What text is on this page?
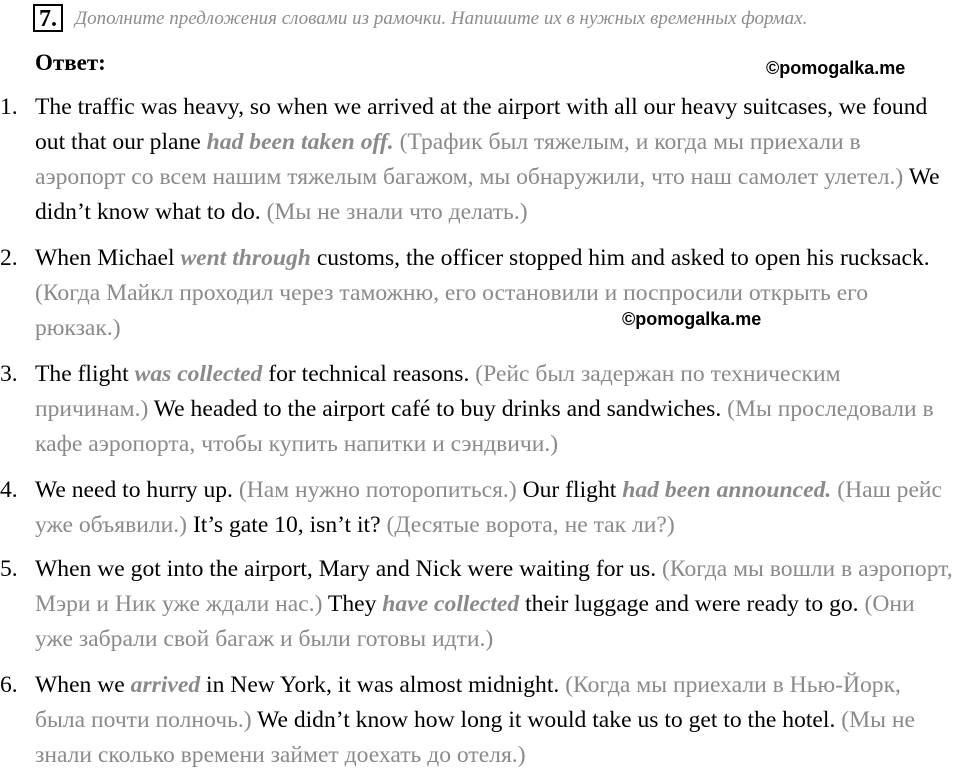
7. Дополните предложения словами из рамочки. Напишите их в нужных временных формах.
Ответ:	©pomogalka.me
©pomogalka.me
1. The traffic was heavy, so when we arrived at the airport with all our heavy suitcases, we found out that our plane had been taken off. (Трафик был тяжелым, и когда мы приехали в аэропорт со всем нашим тяжелым багажом, мы обнаружили, что наш самолет улетел.) We didn’t know what to do. (Мы не знали что делать.)
2. When Michael went through customs, the officer stopped him and asked to open his rucksack. (Когда Майкл проходил через таможню, его остановили и поспросили открыть его рюкзак.)
3. The flight was collected for technical reasons. (Рейс был задержан по техническим причинам.) We headed to the airport café to buy drinks and sandwiches. (Мы проследовали в кафе аэропорта, чтобы купить напитки и сэндвичи.)
4. We need to hurry up. (Нам нужно поторопиться.) Our flight had been announced. (Наш рейс уже объявили.) It’s gate 10, isn’t it? (Десятые ворота, не так ли?)
5. When we got into the airport, Mary and Nick were waiting for us. (Когда мы вошли в аэропорт, Мэри и Ник уже ждали нас.) They have collected their luggage and were ready to go. (Они уже забрали свой багаж и были готовы идти.)
6. When we arrived in New York, it was almost midnight. (Когда мы приехали в Нью-Йорк, была почти полночь.) We didn’t know how long it would take us to get to the hotel. (Мы не знали сколько времени займет доехать до отеля.)
